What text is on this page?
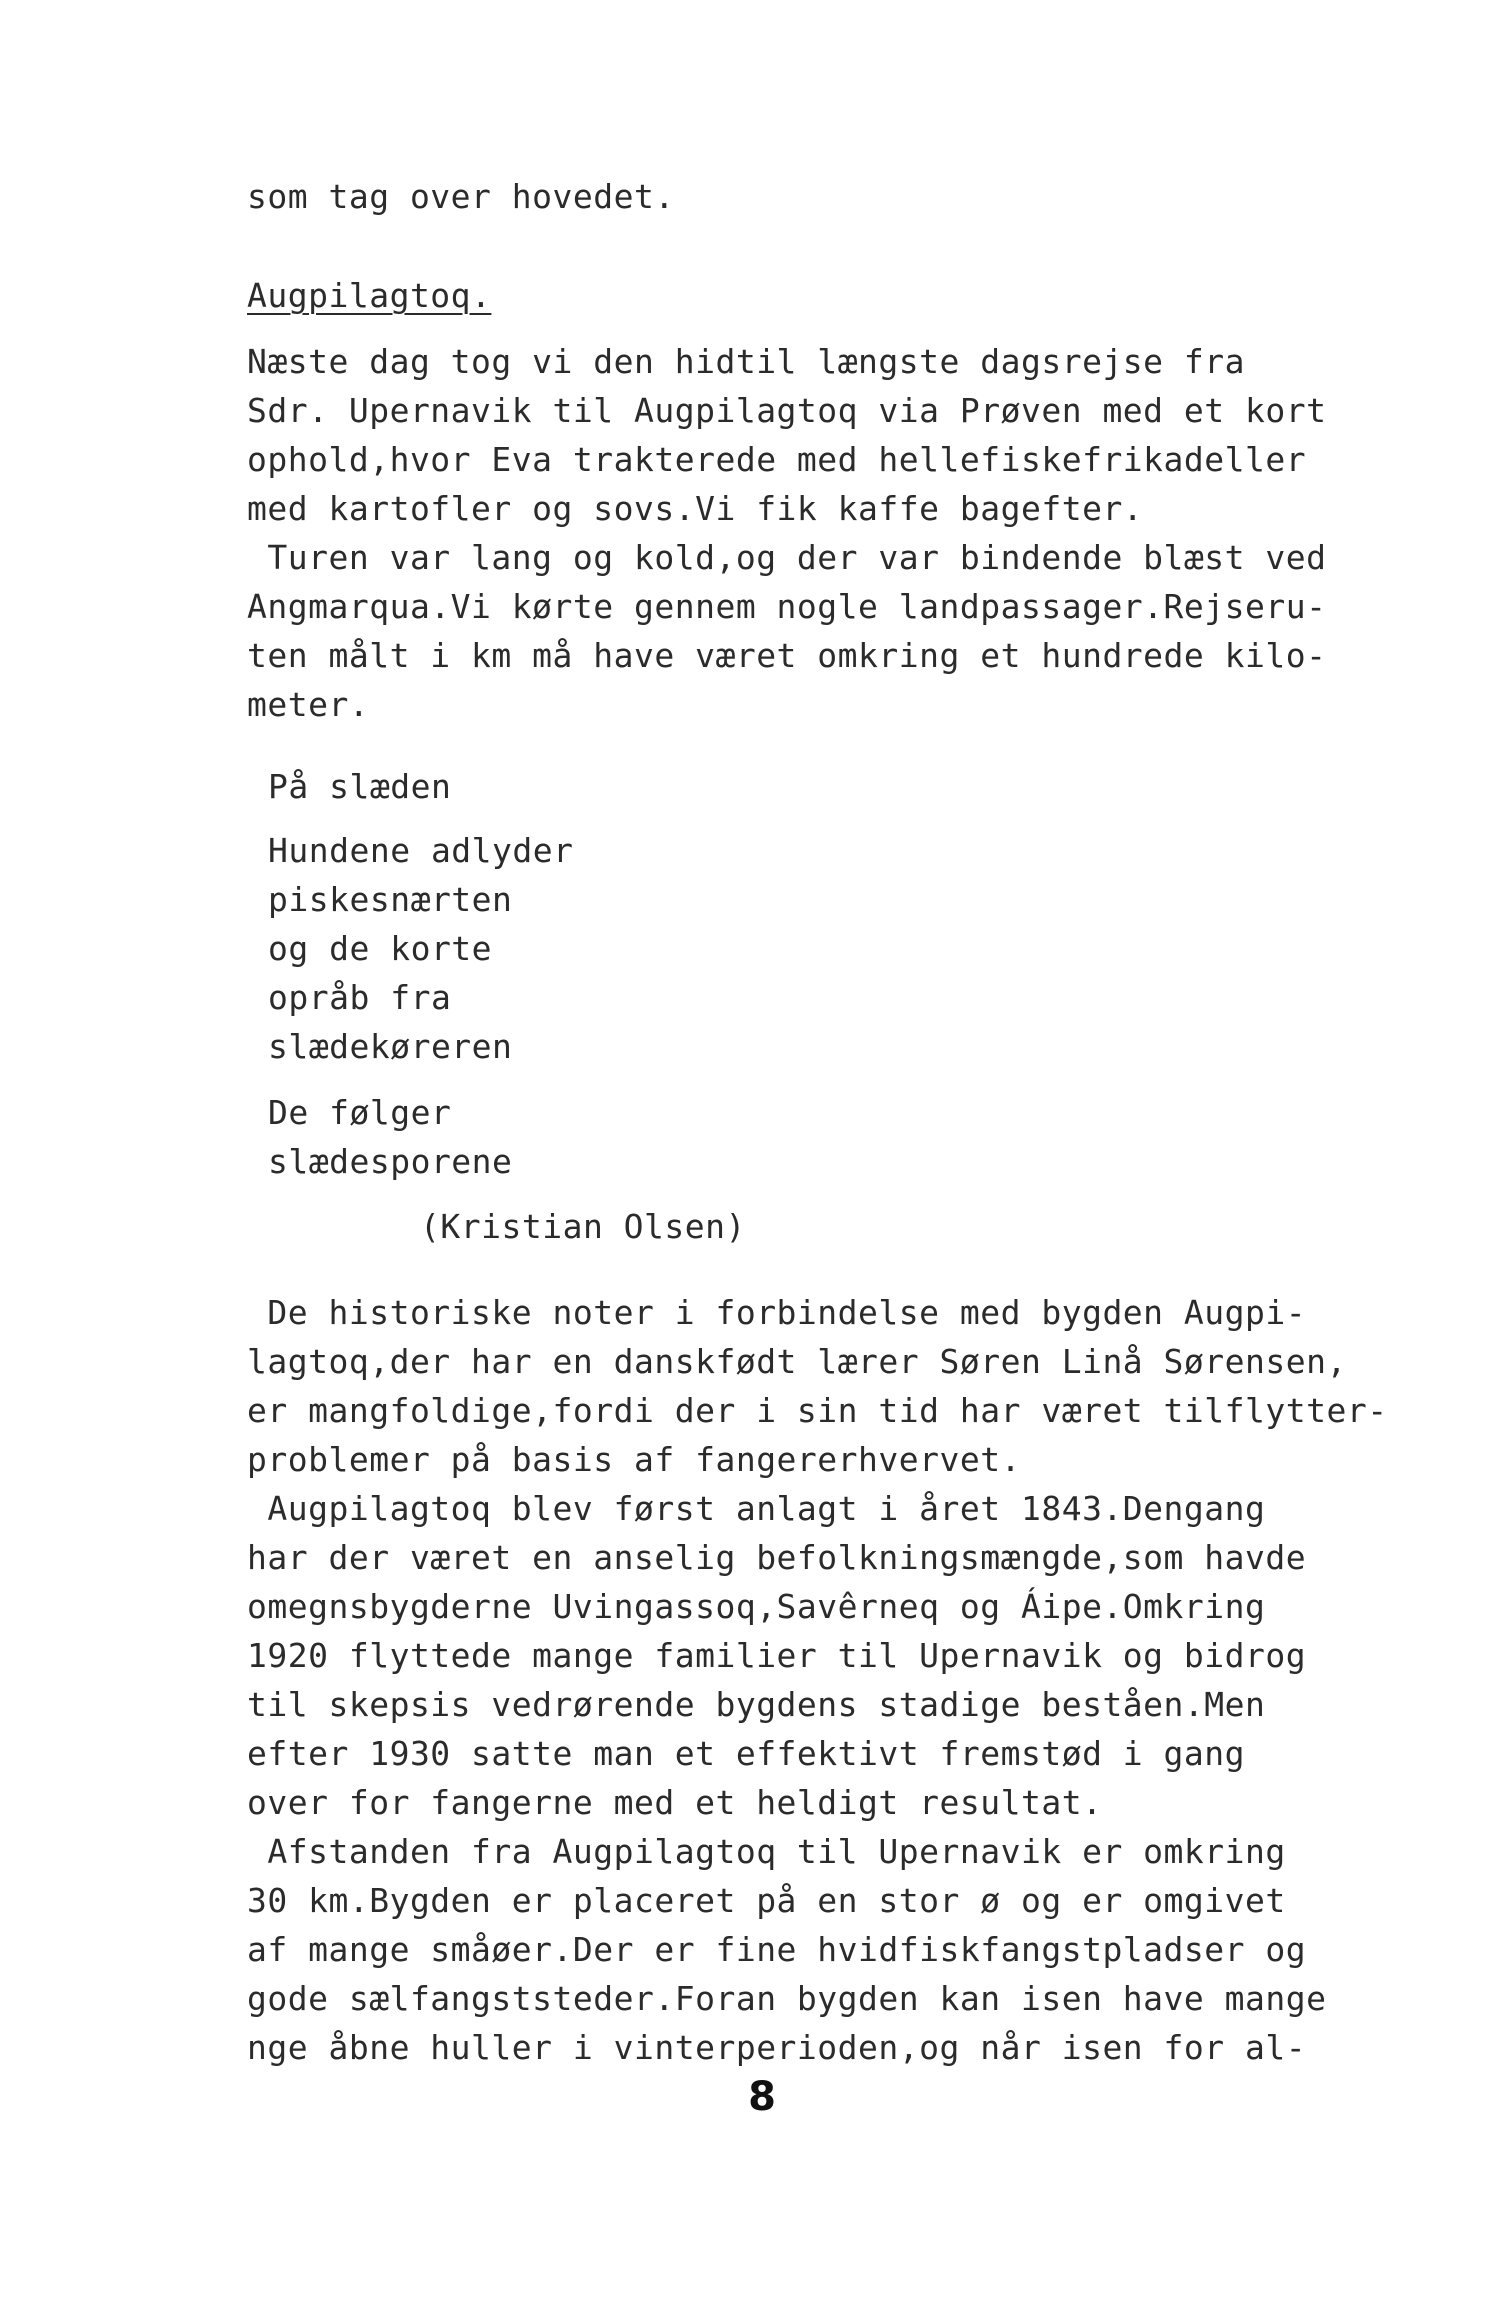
som tag over hovedet.
Augpilagtoq.
Næste dag tog vi den hidtil længste dagsrejse fra
Sdr. Upernavik til Augpilagtoq via Prøven med et kort
ophold,hvor Eva trakterede med hellefiskefrikadeller
med kartofler og sovs.Vi fik kaffe bagefter.
Turen var lang og kold,og der var bindende blæst ved
Angmarqua.Vi kørte gennem nogle landpassager.Rejseru-
ten målt i km må have været omkring et hundrede kilo-
meter.
På slæden
Hundene adlyder
piskesnærten
og de korte
opråb fra
slædekøreren
De følger
slædesporene
(Kristian Olsen)
De historiske noter i forbindelse med bygden Augpi-
lagtoq,der har en danskfødt lærer Søren Linå Sørensen,
er mangfoldige,fordi der i sin tid har været tilflytter-
problemer på basis af fangererhvervet.
Augpilagtoq blev først anlagt i året 1843.Dengang
har der været en anselig befolkningsmængde,som havde
omegnsbygderne Uvingassoq,Savêrneq og Áipe.Omkring
1920 flyttede mange familier til Upernavik og bidrog
til skepsis vedrørende bygdens stadige beståen.Men
efter 1930 satte man et effektivt fremstød i gang
over for fangerne med et heldigt resultat.
Afstanden fra Augpilagtoq til Upernavik er omkring
30 km.Bygden er placeret på en stor ø og er omgivet
af mange småøer.Der er fine hvidfiskfangstpladser og
gode sælfangststeder.Foran bygden kan isen have mange
nge åbne huller i vinterperioden,og når isen for al-
8
